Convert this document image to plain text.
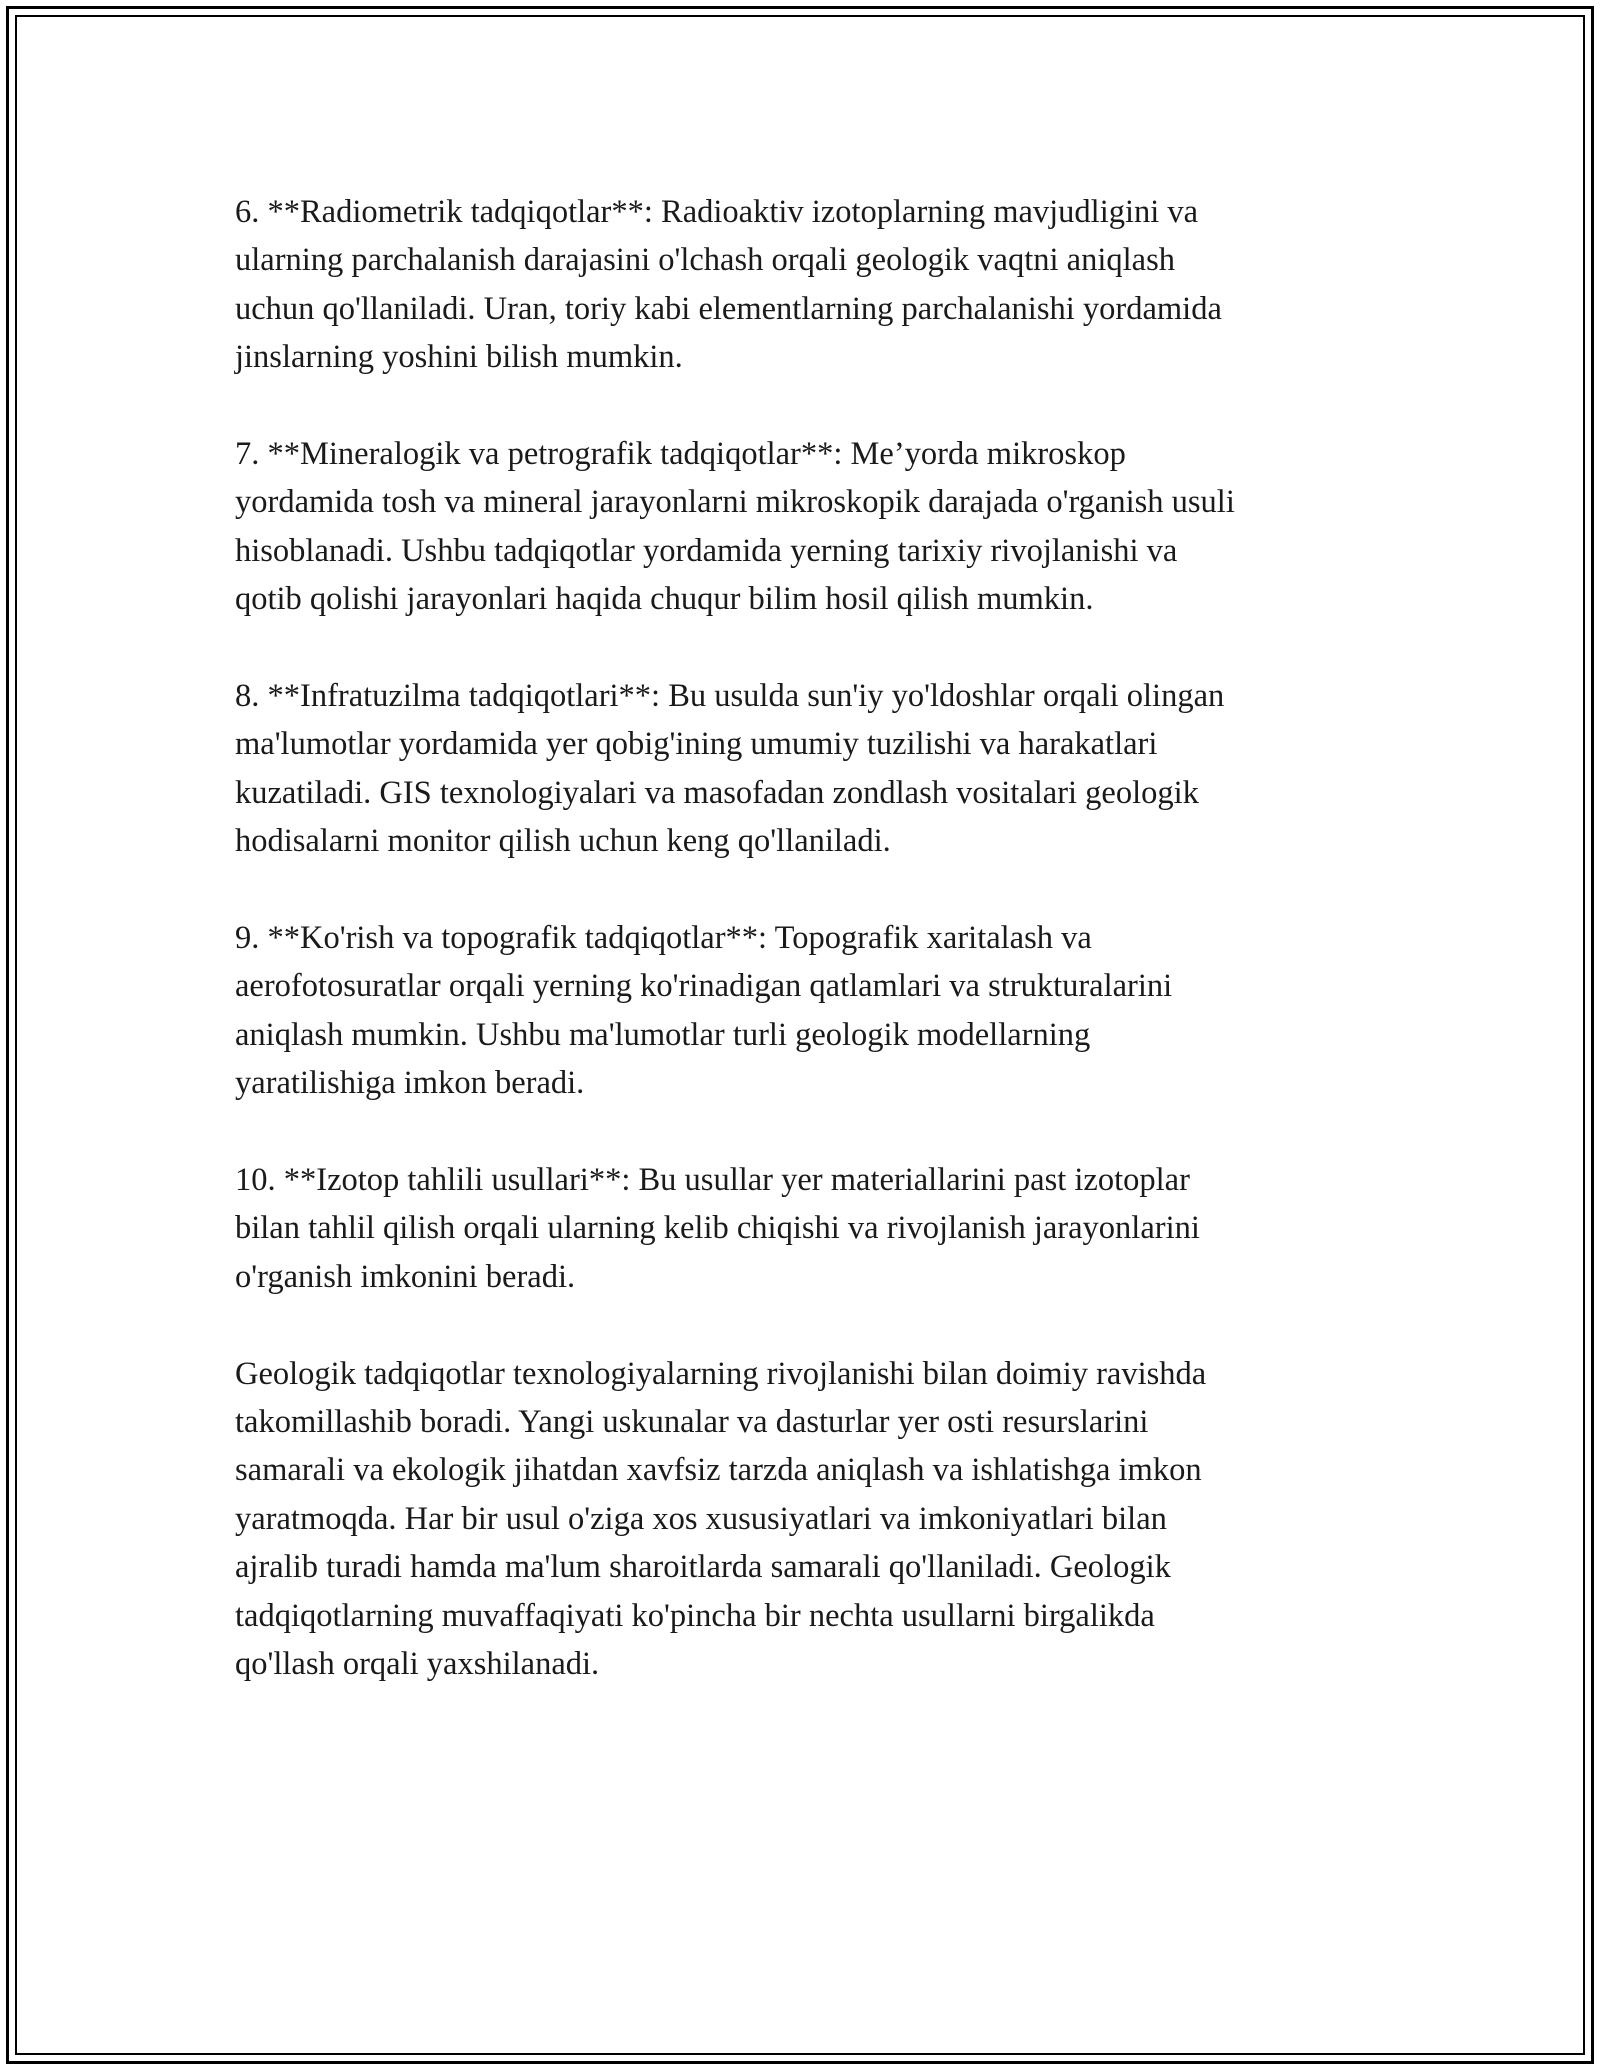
6. **Radiometrik tadqiqotlar**: Radioaktiv izotoplarning mavjudligini va
ularning parchalanish darajasini o'lchash orqali geologik vaqtni aniqlash
uchun qo'llaniladi. Uran, toriy kabi elementlarning parchalanishi yordamida
jinslarning yoshini bilish mumkin.

7. **Mineralogik va petrografik tadqiqotlar**: Me’yorda mikroskop
yordamida tosh va mineral jarayonlarni mikroskopik darajada o'rganish usuli
hisoblanadi. Ushbu tadqiqotlar yordamida yerning tarixiy rivojlanishi va
qotib qolishi jarayonlari haqida chuqur bilim hosil qilish mumkin.

8. **Infratuzilma tadqiqotlari**: Bu usulda sun'iy yo'ldoshlar orqali olingan
ma'lumotlar yordamida yer qobig'ining umumiy tuzilishi va harakatlari
kuzatiladi. GIS texnologiyalari va masofadan zondlash vositalari geologik
hodisalarni monitor qilish uchun keng qo'llaniladi.

9. **Ko'rish va topografik tadqiqotlar**: Topografik xaritalash va
aerofotosuratlar orqali yerning ko'rinadigan qatlamlari va strukturalarini
aniqlash mumkin. Ushbu ma'lumotlar turli geologik modellarning
yaratilishiga imkon beradi.

10. **Izotop tahlili usullari**: Bu usullar yer materiallarini past izotoplar
bilan tahlil qilish orqali ularning kelib chiqishi va rivojlanish jarayonlarini
o'rganish imkonini beradi.

Geologik tadqiqotlar texnologiyalarning rivojlanishi bilan doimiy ravishda
takomillashib boradi. Yangi uskunalar va dasturlar yer osti resurslarini
samarali va ekologik jihatdan xavfsiz tarzda aniqlash va ishlatishga imkon
yaratmoqda. Har bir usul o'ziga xos xususiyatlari va imkoniyatlari bilan
ajralib turadi hamda ma'lum sharoitlarda samarali qo'llaniladi. Geologik
tadqiqotlarning muvaffaqiyati ko'pincha bir nechta usullarni birgalikda
qo'llash orqali yaxshilanadi.
